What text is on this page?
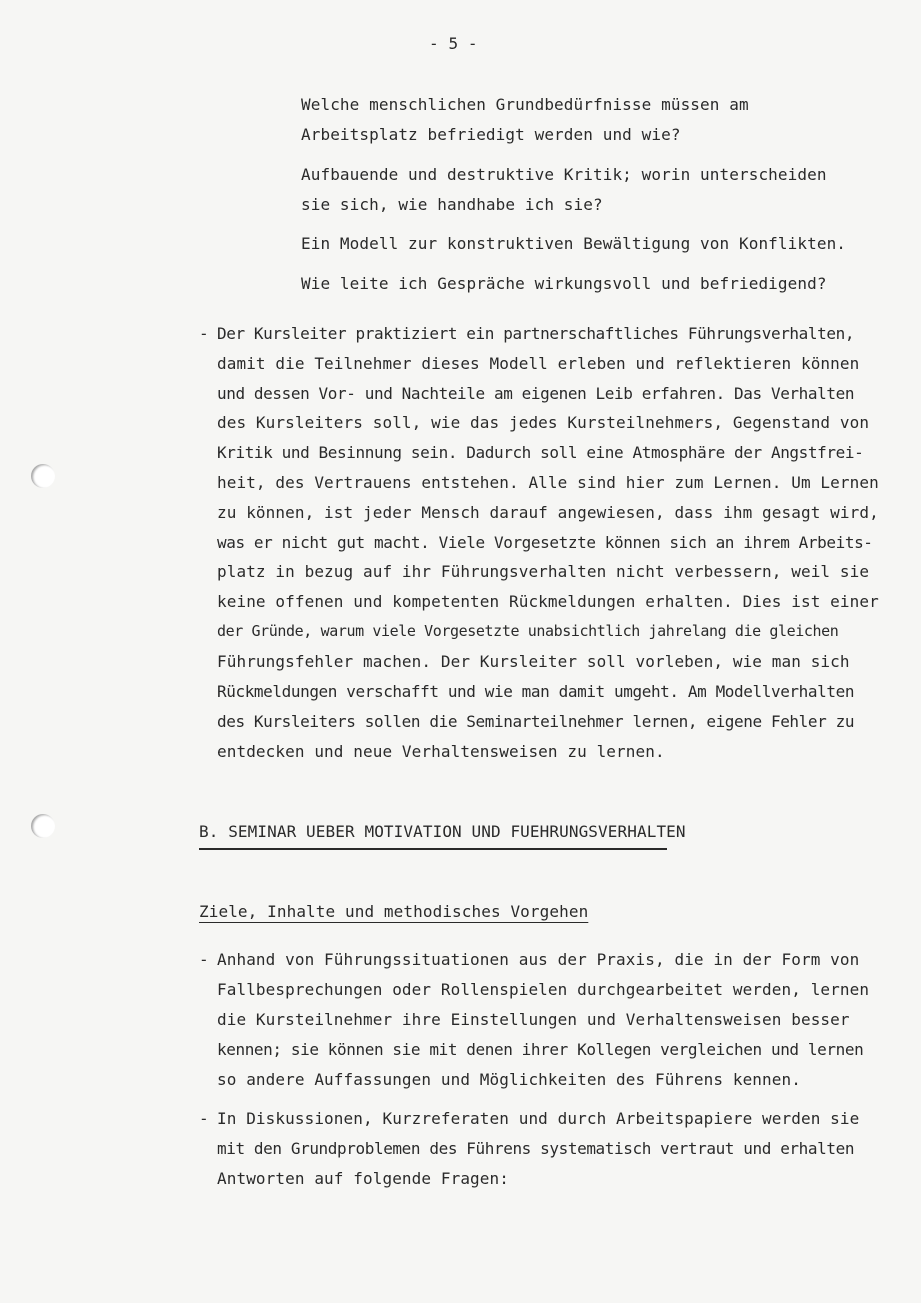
- 5 -
Welche menschlichen Grundbedürfnisse müssen am
Arbeitsplatz befriedigt werden und wie?
Aufbauende und destruktive Kritik; worin unterscheiden
sie sich, wie handhabe ich sie?
Ein Modell zur konstruktiven Bewältigung von Konflikten.
Wie leite ich Gespräche wirkungsvoll und befriedigend?
- Der Kursleiter praktiziert ein partnerschaftliches Führungsverhalten,
damit die Teilnehmer dieses Modell erleben und reflektieren können
und dessen Vor- und Nachteile am eigenen Leib erfahren. Das Verhalten
des Kursleiters soll, wie das jedes Kursteilnehmers, Gegenstand von
Kritik und Besinnung sein. Dadurch soll eine Atmosphäre der Angstfrei-
heit, des Vertrauens entstehen. Alle sind hier zum Lernen. Um Lernen
zu können, ist jeder Mensch darauf angewiesen, dass ihm gesagt wird,
was er nicht gut macht. Viele Vorgesetzte können sich an ihrem Arbeits-
platz in bezug auf ihr Führungsverhalten nicht verbessern, weil sie
keine offenen und kompetenten Rückmeldungen erhalten. Dies ist einer
der Gründe, warum viele Vorgesetzte unabsichtlich jahrelang die gleichen
Führungsfehler machen. Der Kursleiter soll vorleben, wie man sich
Rückmeldungen verschafft und wie man damit umgeht. Am Modellverhalten
des Kursleiters sollen die Seminarteilnehmer lernen, eigene Fehler zu
entdecken und neue Verhaltensweisen zu lernen.
B. SEMINAR UEBER MOTIVATION UND FUEHRUNGSVERHALTEN
Ziele, Inhalte und methodisches Vorgehen
- Anhand von Führungssituationen aus der Praxis, die in der Form von
Fallbesprechungen oder Rollenspielen durchgearbeitet werden, lernen
die Kursteilnehmer ihre Einstellungen und Verhaltensweisen besser
kennen; sie können sie mit denen ihrer Kollegen vergleichen und lernen
so andere Auffassungen und Möglichkeiten des Führens kennen.
- In Diskussionen, Kurzreferaten und durch Arbeitspapiere werden sie
mit den Grundproblemen des Führens systematisch vertraut und erhalten
Antworten auf folgende Fragen:
